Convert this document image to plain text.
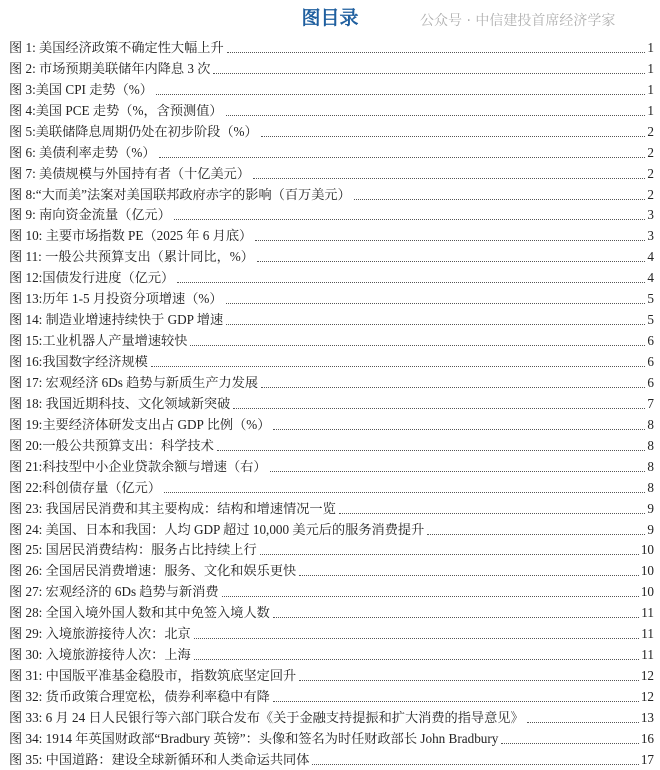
图目录	公众号 · 中信建投首席经济学家
图 1: 美国经济政策不确定性大幅上升	1
图 2: 市场预期美联储年内降息 3 次	1
图 3:美国 CPI 走势（%）	1
图 4:美国 PCE 走势（%，含预测值）	1
图 5:美联储降息周期仍处在初步阶段（%）	2
图 6: 美债利率走势（%）	2
图 7: 美债规模与外国持有者（十亿美元）	2
图 8:“大而美”法案对美国联邦政府赤字的影响（百万美元）	2
图 9: 南向资金流量（亿元）	3
图 10: 主要市场指数 PE（2025 年 6 月底）	3
图 11: 一般公共预算支出（累计同比，%）	4
图 12:国债发行进度（亿元）	4
图 13:历年 1-5 月投资分项增速（%）	5
图 14: 制造业增速持续快于 GDP 增速	5
图 15:工业机器人产量增速较快	6
图 16:我国数字经济规模	6
图 17: 宏观经济 6Ds 趋势与新质生产力发展	6
图 18: 我国近期科技、文化领域新突破	7
图 19:主要经济体研发支出占 GDP 比例（%）	8
图 20:一般公共预算支出：科学技术	8
图 21:科技型中小企业贷款余额与增速（右）	8
图 22:科创债存量（亿元）	8
图 23: 我国居民消费和其主要构成：结构和增速情况一览	9
图 24: 美国、日本和我国：人均 GDP 超过 10,000 美元后的服务消费提升	9
图 25: 国居民消费结构：服务占比持续上行	10
图 26: 全国居民消费增速：服务、文化和娱乐更快	10
图 27: 宏观经济的 6Ds 趋势与新消费	10
图 28: 全国入境外国人数和其中免签入境人数	11
图 29: 入境旅游接待人次：北京	11
图 30: 入境旅游接待人次：上海	11
图 31: 中国版平准基金稳股市，指数筑底坚定回升	12
图 32: 货币政策合理宽松，债券利率稳中有降	12
图 33: 6 月 24 日人民银行等六部门联合发布《关于金融支持提振和扩大消费的指导意见》	13
图 34: 1914 年英国财政部“Bradbury 英镑”：头像和签名为时任财政部长 John Bradbury	16
图 35: 中国道路：建设全球新循环和人类命运共同体	17
